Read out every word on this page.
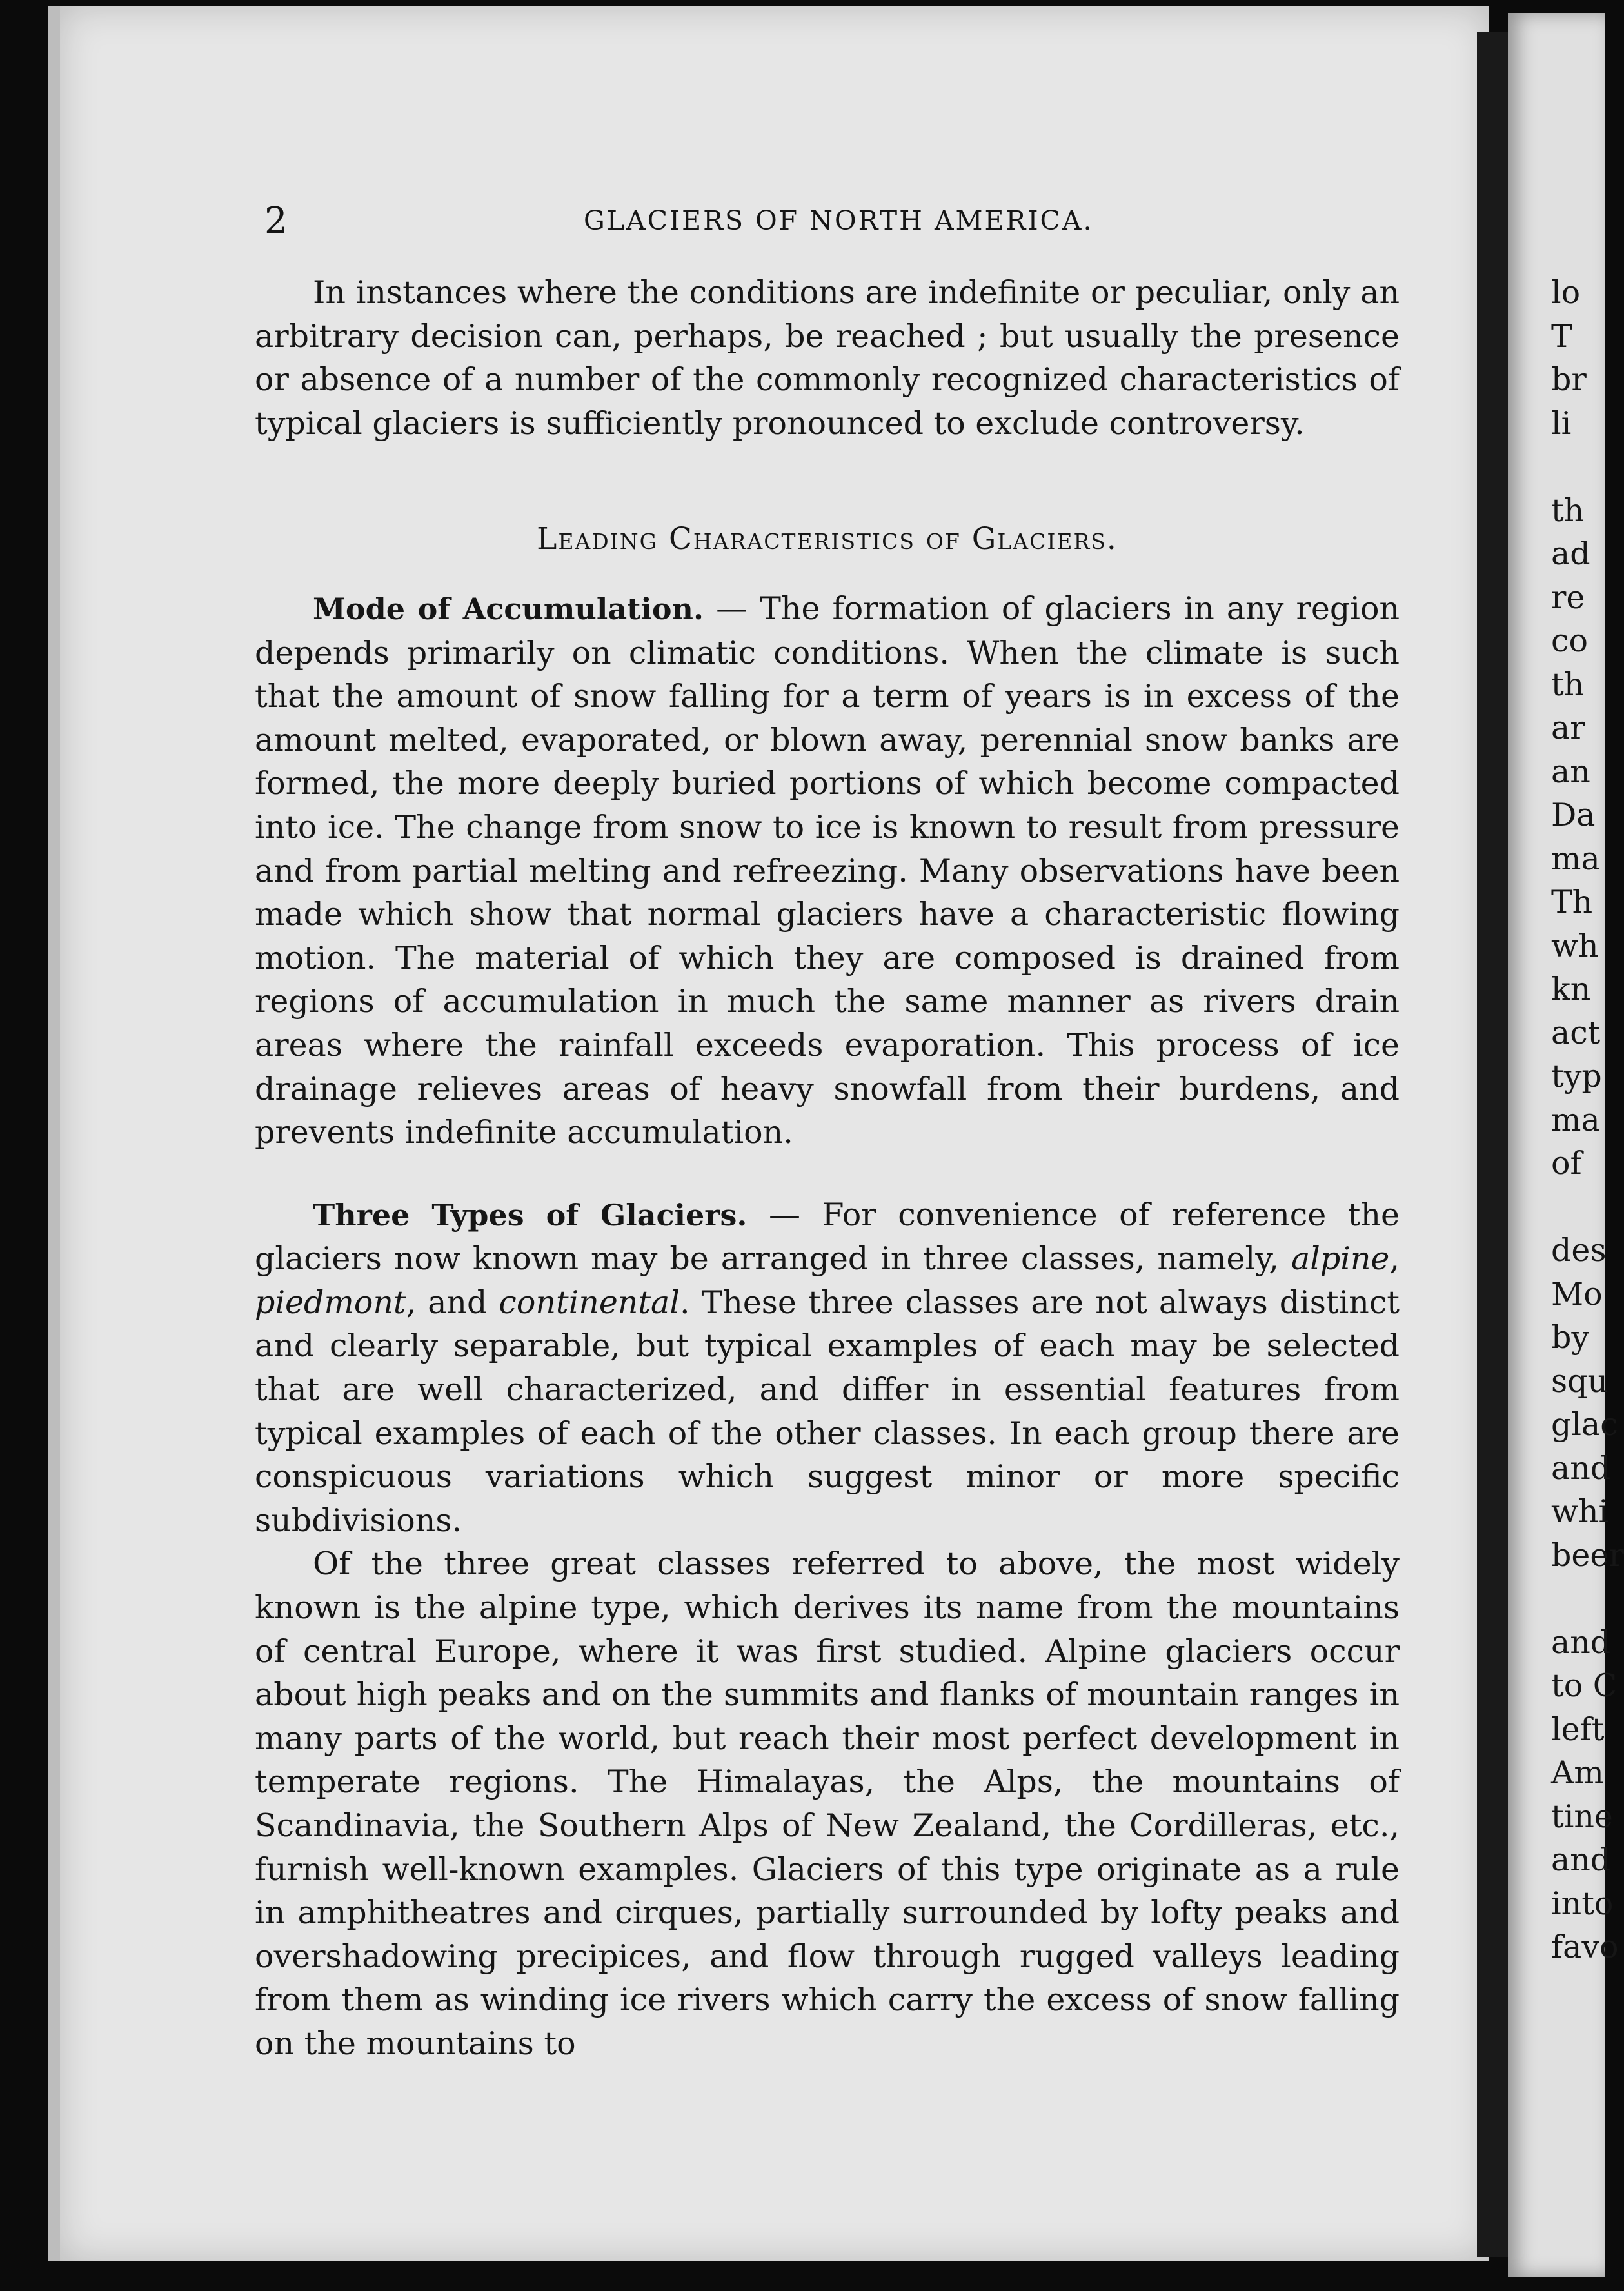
2	GLACIERS OF NORTH AMERICA.

In instances where the conditions are indefinite or peculiar, only an arbitrary decision can, perhaps, be reached ; but usually the presence or absence of a number of the commonly recognized characteristics of typical glaciers is sufficiently pronounced to exclude controversy.

Leading Characteristics of Glaciers.

Mode of Accumulation. — The formation of glaciers in any region depends primarily on climatic conditions. When the climate is such that the amount of snow falling for a term of years is in excess of the amount melted, evaporated, or blown away, perennial snow banks are formed, the more deeply buried portions of which become compacted into ice. The change from snow to ice is known to result from pressure and from partial melting and refreezing. Many observations have been made which show that normal glaciers have a characteristic flowing motion. The material of which they are composed is drained from regions of accumulation in much the same manner as rivers drain areas where the rainfall exceeds evaporation. This process of ice drainage relieves areas of heavy snowfall from their burdens, and prevents indefinite accumulation.

Three Types of Glaciers. — For convenience of reference the glaciers now known may be arranged in three classes, namely, alpine, piedmont, and continental. These three classes are not always distinct and clearly separable, but typical examples of each may be selected that are well characterized, and differ in essential features from typical examples of each of the other classes. In each group there are conspicuous variations which suggest minor or more specific subdivisions.

Of the three great classes referred to above, the most widely known is the alpine type, which derives its name from the mountains of central Europe, where it was first studied. Alpine glaciers occur about high peaks and on the summits and flanks of mountain ranges in many parts of the world, but reach their most perfect development in temperate regions. The Himalayas, the Alps, the mountains of Scandinavia, the Southern Alps of New Zealand, the Cordilleras, etc., furnish well-known examples. Glaciers of this type originate as a rule in amphitheatres and cirques, partially surrounded by lofty peaks and overshadowing precipices, and flow through rugged valleys leading from them as winding ice rivers which carry the excess of snow falling on the mountains to

lo
T
br
li
th
ad
re
co
th
ar
an
Da
ma
Th
wh
kn
act
typ
ma
of
des
Mo
by
squ
glac
and
whi
beer
and
to C
left
Am
tine
and
into
favo
